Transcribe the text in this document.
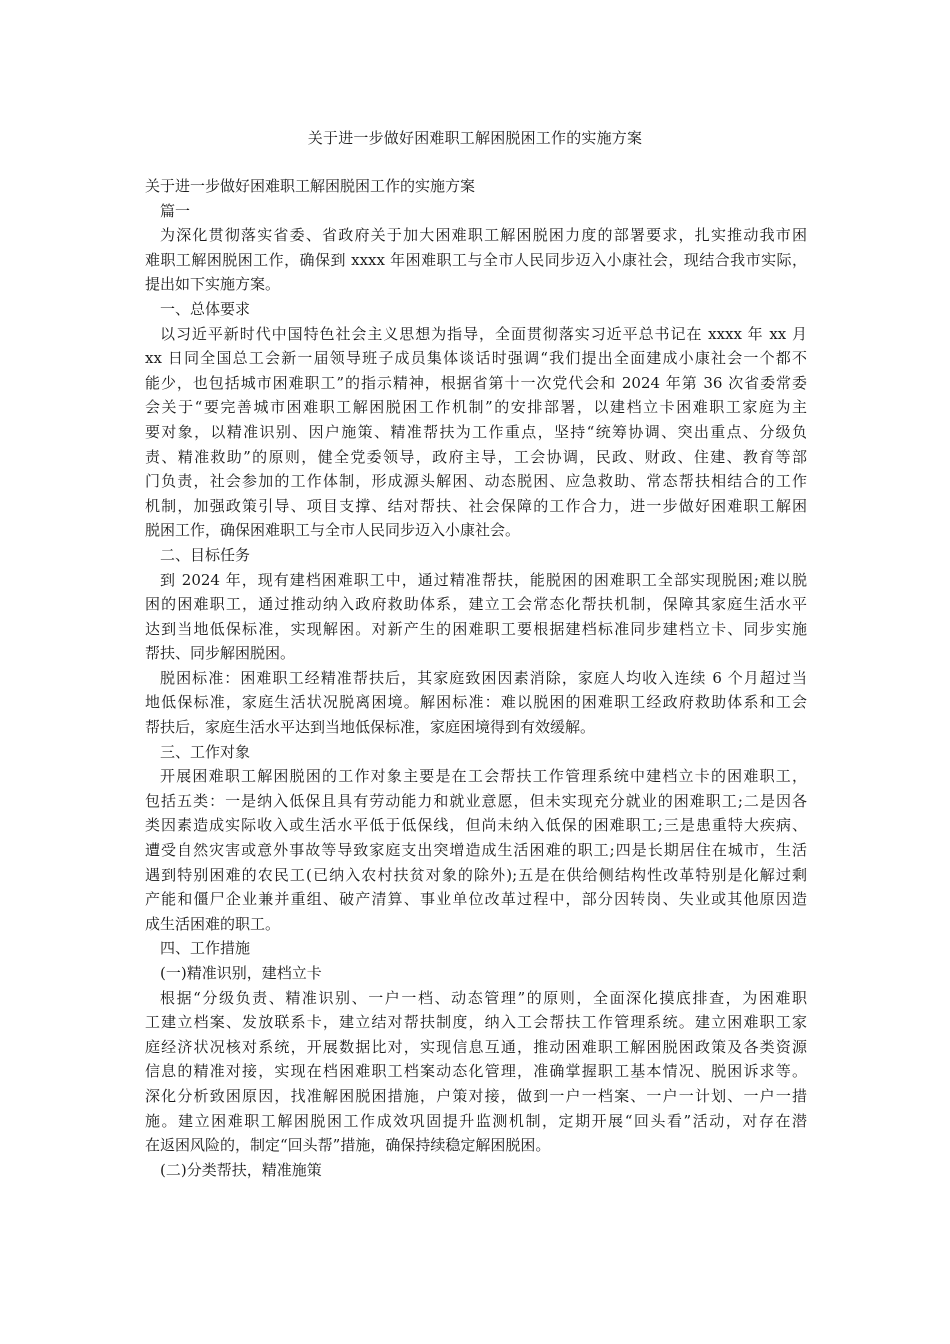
关于进一步做好困难职工解困脱困工作的实施方案
关于进一步做好困难职工解困脱困工作的实施方案
篇一
为深化贯彻落实省委、省政府关于加大困难职工解困脱困力度的部署要求，扎实推动我市困
难职工解困脱困工作，确保到 xxxx 年困难职工与全市人民同步迈入小康社会，现结合我市实际，
提出如下实施方案。
一、总体要求
以习近平新时代中国特色社会主义思想为指导，全面贯彻落实习近平总书记在 xxxx 年 xx 月
xx 日同全国总工会新一届领导班子成员集体谈话时强调“我们提出全面建成小康社会一个都不
能少，也包括城市困难职工”的指示精神，根据省第十一次党代会和 2024 年第 36 次省委常委
会关于“要完善城市困难职工解困脱困工作机制”的安排部署，以建档立卡困难职工家庭为主
要对象，以精准识别、因户施策、精准帮扶为工作重点，坚持“统筹协调、突出重点、分级负
责、精准救助”的原则，健全党委领导，政府主导，工会协调，民政、财政、住建、教育等部
门负责，社会参加的工作体制，形成源头解困、动态脱困、应急救助、常态帮扶相结合的工作
机制，加强政策引导、项目支撑、结对帮扶、社会保障的工作合力，进一步做好困难职工解困
脱困工作，确保困难职工与全市人民同步迈入小康社会。
二、目标任务
到 2024 年，现有建档困难职工中，通过精准帮扶，能脱困的困难职工全部实现脱困;难以脱
困的困难职工，通过推动纳入政府救助体系，建立工会常态化帮扶机制，保障其家庭生活水平
达到当地低保标准，实现解困。对新产生的困难职工要根据建档标准同步建档立卡、同步实施
帮扶、同步解困脱困。
脱困标准：困难职工经精准帮扶后，其家庭致困因素消除，家庭人均收入连续 6 个月超过当
地低保标准，家庭生活状况脱离困境。解困标准：难以脱困的困难职工经政府救助体系和工会
帮扶后，家庭生活水平达到当地低保标准，家庭困境得到有效缓解。
三、工作对象
开展困难职工解困脱困的工作对象主要是在工会帮扶工作管理系统中建档立卡的困难职工，
包括五类：一是纳入低保且具有劳动能力和就业意愿，但未实现充分就业的困难职工;二是因各
类因素造成实际收入或生活水平低于低保线，但尚未纳入低保的困难职工;三是患重特大疾病、
遭受自然灾害或意外事故等导致家庭支出突增造成生活困难的职工;四是长期居住在城市，生活
遇到特别困难的农民工(已纳入农村扶贫对象的除外);五是在供给侧结构性改革特别是化解过剩
产能和僵尸企业兼并重组、破产清算、事业单位改革过程中，部分因转岗、失业或其他原因造
成生活困难的职工。
四、工作措施
(一)精准识别，建档立卡
根据“分级负责、精准识别、一户一档、动态管理”的原则，全面深化摸底排查，为困难职
工建立档案、发放联系卡，建立结对帮扶制度，纳入工会帮扶工作管理系统。建立困难职工家
庭经济状况核对系统，开展数据比对，实现信息互通，推动困难职工解困脱困政策及各类资源
信息的精准对接，实现在档困难职工档案动态化管理，准确掌握职工基本情况、脱困诉求等。
深化分析致困原因，找准解困脱困措施，户策对接，做到一户一档案、一户一计划、一户一措
施。建立困难职工解困脱困工作成效巩固提升监测机制，定期开展“回头看”活动，对存在潜
在返困风险的，制定“回头帮”措施，确保持续稳定解困脱困。
(二)分类帮扶，精准施策
